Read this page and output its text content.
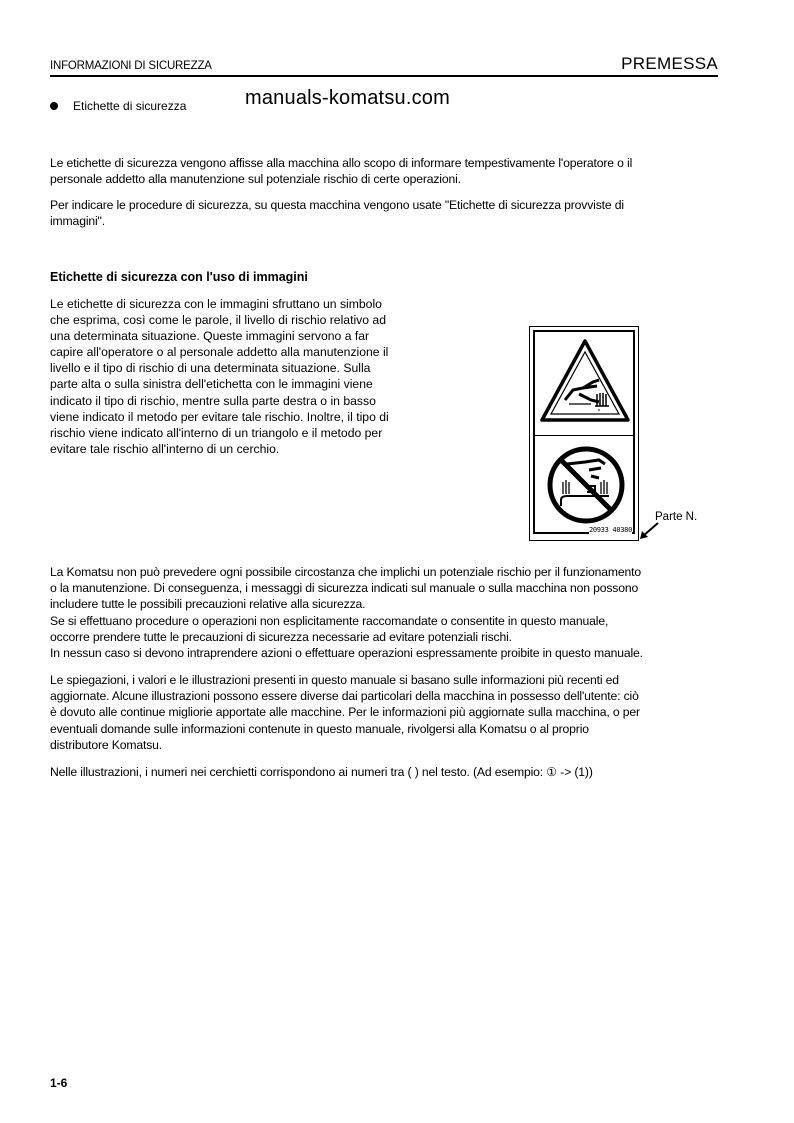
INFORMAZIONI DI SICUREZZA	PREMESSA
Etichette di sicurezza	manuals-komatsu.com

Le etichette di sicurezza vengono affisse alla macchina allo scopo di informare tempestivamente l'operatore o il
personale addetto alla manutenzione sul potenziale rischio di certe operazioni.

Per indicare le procedure di sicurezza, su questa macchina vengono usate "Etichette di sicurezza provviste di
immagini".

Etichette di sicurezza con l'uso di immagini

Le etichette di sicurezza con le immagini sfruttano un simbolo
che esprima, così come le parole, il livello di rischio relativo ad
una determinata situazione. Queste immagini servono a far
capire all'operatore o al personale addetto alla manutenzione il
livello e il tipo di rischio di una determinata situazione. Sulla
parte alta o sulla sinistra dell'etichetta con le immagini viene
indicato il tipo di rischio, mentre sulla parte destra o in basso
viene indicato il metodo per evitare tale rischio. Inoltre, il tipo di
rischio viene indicato all'interno di un triangolo e il metodo per
evitare tale rischio all'interno di un cerchio.

20933 40380
Parte N.

La Komatsu non può prevedere ogni possibile circostanza che implichi un potenziale rischio per il funzionamento
o la manutenzione. Di conseguenza, i messaggi di sicurezza indicati sul manuale o sulla macchina non possono
includere tutte le possibili precauzioni relative alla sicurezza.
Se si effettuano procedure o operazioni non esplicitamente raccomandate o consentite in questo manuale,
occorre prendere tutte le precauzioni di sicurezza necessarie ad evitare potenziali rischi.
In nessun caso si devono intraprendere azioni o effettuare operazioni espressamente proibite in questo manuale.

Le spiegazioni, i valori e le illustrazioni presenti in questo manuale si basano sulle informazioni più recenti ed
aggiornate. Alcune illustrazioni possono essere diverse dai particolari della macchina in possesso dell'utente: ciò
è dovuto alle continue migliorie apportate alle macchine. Per le informazioni più aggiornate sulla macchina, o per
eventuali domande sulle informazioni contenute in questo manuale, rivolgersi alla Komatsu o al proprio
distributore Komatsu.

Nelle illustrazioni, i numeri nei cerchietti corrispondono ai numeri tra ( ) nel testo. (Ad esempio: ① -> (1))

1-6
